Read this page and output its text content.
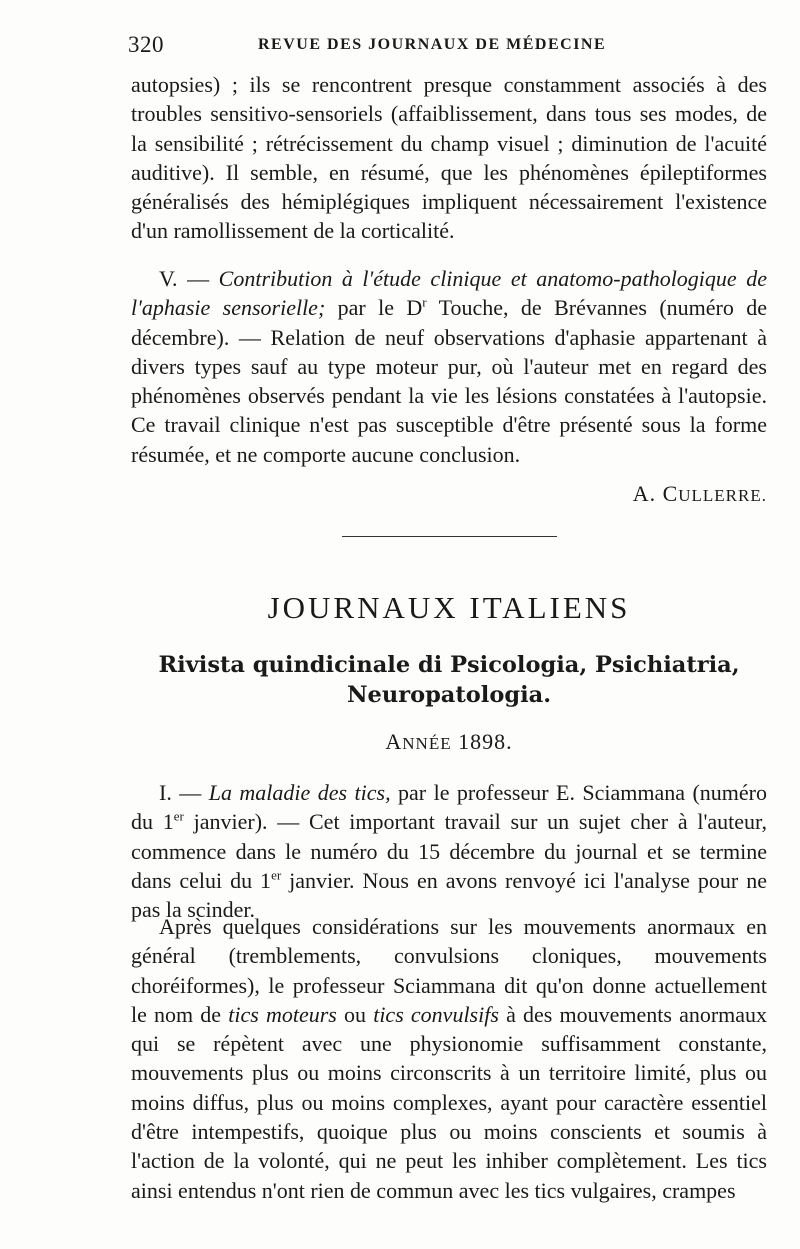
320	REVUE DES JOURNAUX DE MÉDECINE

autopsies) ; ils se rencontrent presque constamment associés à des troubles sensitivo-sensoriels (affaiblissement, dans tous ses modes, de la sensibilité ; rétrécissement du champ visuel ; diminution de l'acuité auditive). Il semble, en résumé, que les phénomènes épileptiformes généralisés des hémiplégiques impliquent nécessairement l'existence d'un ramollissement de la corticalité.

V. — Contribution à l'étude clinique et anatomo-pathologique de l'aphasie sensorielle; par le $D^r$ Touche, de Brévannes (numéro de décembre). — Relation de neuf observations d'aphasie appartenant à divers types sauf au type moteur pur, où l'auteur met en regard des phénomènes observés pendant la vie les lésions constatées à l'autopsie. Ce travail clinique n'est pas susceptible d'être présenté sous la forme résumée, et ne comporte aucune conclusion.

A. CULLERRE.
JOURNAUX ITALIENS
Rivista quindicinale di Psicologia, Psichiatria,
Neuropatologia.
ANNÉE 1898.

I. — La maladie des tics, par le professeur E. Sciammana (numéro du 1er janvier). — Cet important travail sur un sujet cher à l'auteur, commence dans le numéro du 15 décembre du journal et se termine dans celui du 1er janvier. Nous en avons renvoyé ici l'analyse pour ne pas la scinder.

Après quelques considérations sur les mouvements anormaux en général (tremblements, convulsions cloniques, mouvements choréiformes), le professeur Sciammana dit qu'on donne actuellement le nom de tics moteurs ou tics convulsifs à des mouvements anormaux qui se répètent avec une physionomie suffisamment constante, mouvements plus ou moins circonscrits à un territoire limité, plus ou moins diffus, plus ou moins complexes, ayant pour caractère essentiel d'être intempestifs, quoique plus ou moins conscients et soumis à l'action de la volonté, qui ne peut les inhiber complètement. Les tics ainsi entendus n'ont rien de commun avec les tics vulgaires, crampes
